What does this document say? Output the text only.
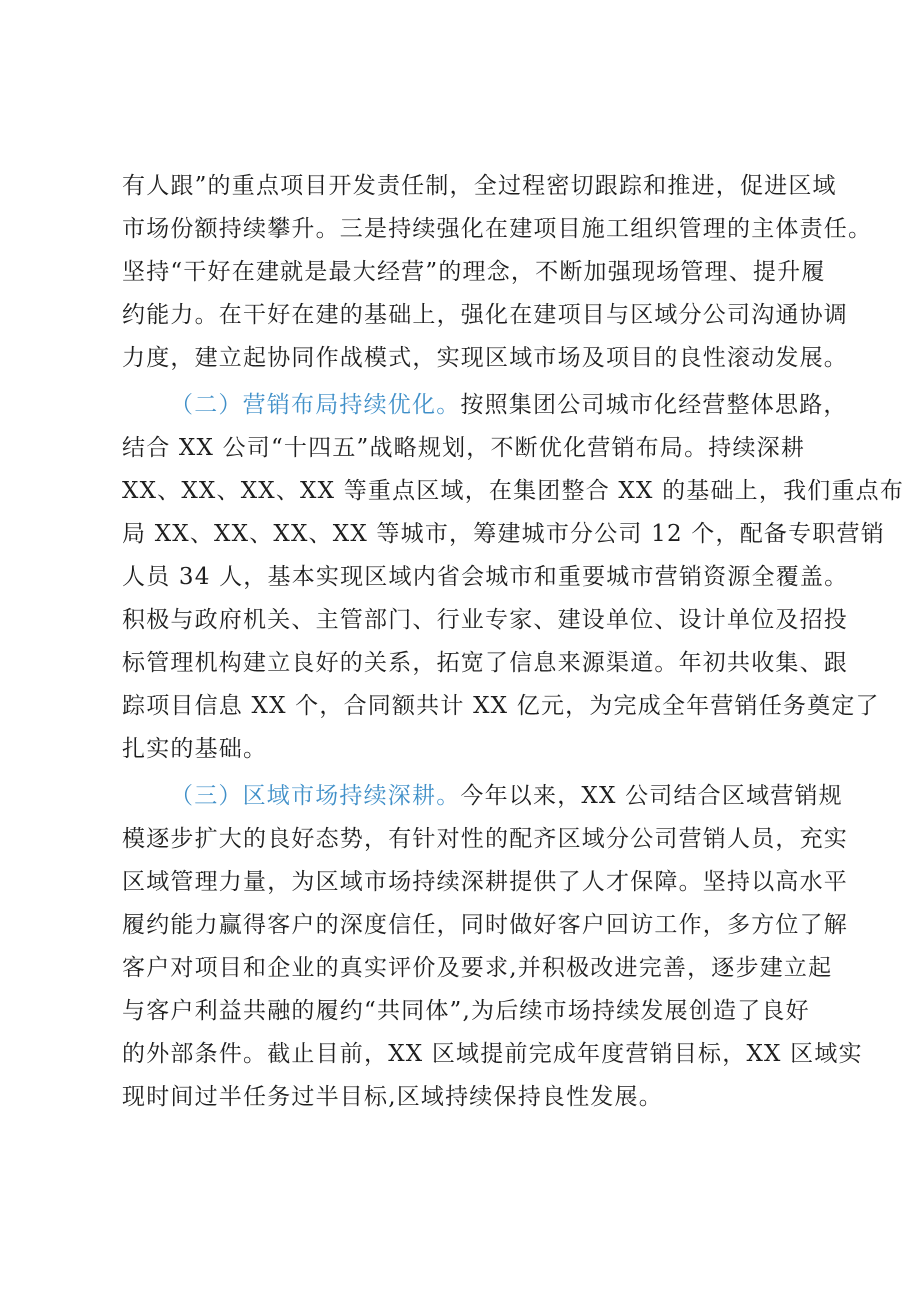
有人跟”的重点项目开发责任制，全过程密切跟踪和推进，促进区域
市场份额持续攀升。三是持续强化在建项目施工组织管理的主体责任。
坚持“干好在建就是最大经营”的理念，不断加强现场管理、提升履
约能力。在干好在建的基础上，强化在建项目与区域分公司沟通协调
力度，建立起协同作战模式，实现区域市场及项目的良性滚动发展。
（二）营销布局持续优化。按照集团公司城市化经营整体思路，
结合 XX 公司“十四五”战略规划，不断优化营销布局。持续深耕
XX、XX、XX、XX 等重点区域，在集团整合 XX 的基础上，我们重点布
局 XX、XX、XX、XX 等城市，筹建城市分公司 12 个，配备专职营销
人员 34 人，基本实现区域内省会城市和重要城市营销资源全覆盖。
积极与政府机关、主管部门、行业专家、建设单位、设计单位及招投
标管理机构建立良好的关系，拓宽了信息来源渠道。年初共收集、跟
踪项目信息 XX 个，合同额共计 XX 亿元，为完成全年营销任务奠定了
扎实的基础。
（三）区域市场持续深耕。今年以来，XX 公司结合区域营销规
模逐步扩大的良好态势，有针对性的配齐区域分公司营销人员，充实
区域管理力量，为区域市场持续深耕提供了人才保障。坚持以高水平
履约能力赢得客户的深度信任，同时做好客户回访工作，多方位了解
客户对项目和企业的真实评价及要求,并积极改进完善，逐步建立起
与客户利益共融的履约“共同体”,为后续市场持续发展创造了良好
的外部条件。截止目前，XX 区域提前完成年度营销目标，XX 区域实
现时间过半任务过半目标,区域持续保持良性发展。
